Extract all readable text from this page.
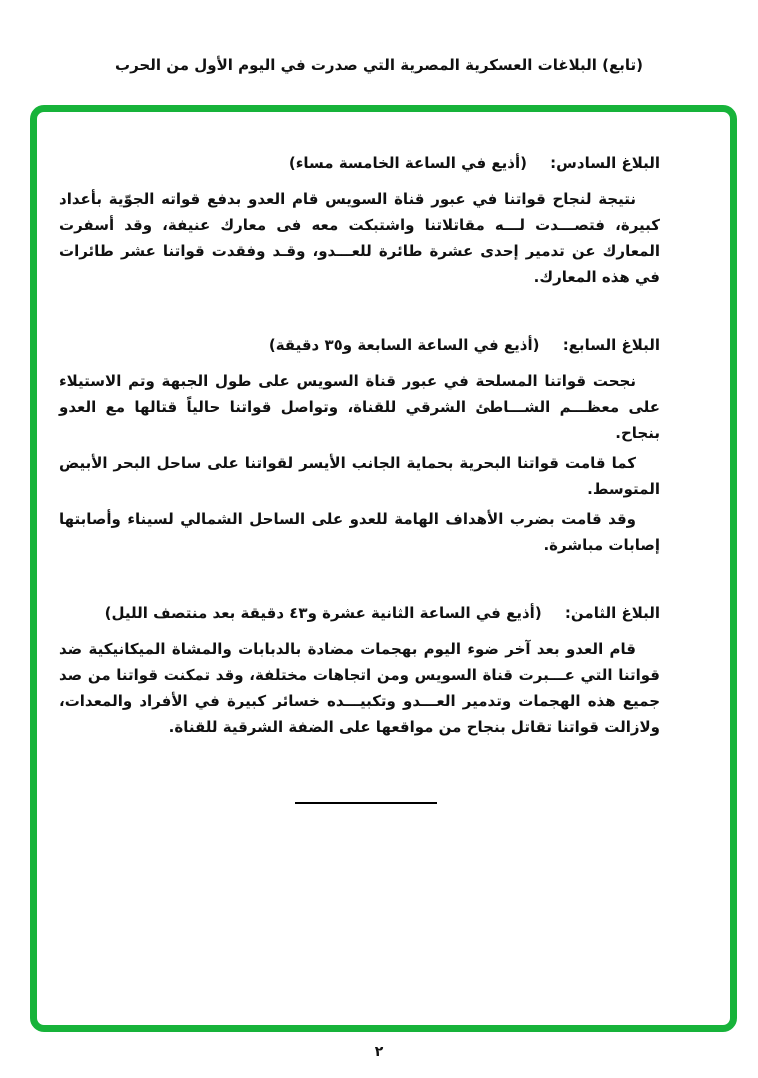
(تابع) البلاغات العسكرية المصرية التي صدرت في اليوم الأول من الحرب
البلاغ السادس: (أذيع في الساعة الخامسة مساء)

نتيجة لنجاح قواتنا في عبور قناة السويس قام العدو بدفع قواته الجوّية بأعداد كبيرة، فتصـــدت لـــه مقاتلاتنا واشتبكت معه فى معارك عنيفة، وقد أسفرت المعارك عن تدمير إحدى عشرة طائرة للعـــدو، وقـد وفقدت قواتنا عشر طائرات في هذه المعارك.

البلاغ السابع: (أذيع في الساعة السابعة و٣٥ دقيقة)

نجحت قواتنا المسلحة في عبور قناة السويس على طول الجبهة وتم الاستيلاء على معظـــم الشـــاطئ الشرقي للقناة، وتواصل قواتنا حالياً قتالها مع العدو بنجاح.

كما قامت قواتنا البحرية بحماية الجانب الأيسر لقواتنا على ساحل البحر الأبيض المتوسط.

وقد قامت بضرب الأهداف الهامة للعدو على الساحل الشمالي لسيناء وأصابتها إصابات مباشرة.

البلاغ الثامن: (أذيع في الساعة الثانية عشرة و٤٣ دقيقة بعد منتصف الليل)

قام العدو بعد آخر ضوء اليوم بهجمات مضادة بالدبابات والمشاة الميكانيكية ضد قواتنا التي عـــبرت قناة السويس ومن اتجاهات مختلفة، وقد تمكنت قواتنا من صد جميع هذه الهجمات وتدمير العـــدو وتكبيـــده خسائر كبيرة في الأفراد والمعدات، ولازالت قواتنا تقاتل بنجاح من مواقعها على الضفة الشرقية للقناة.

٢
